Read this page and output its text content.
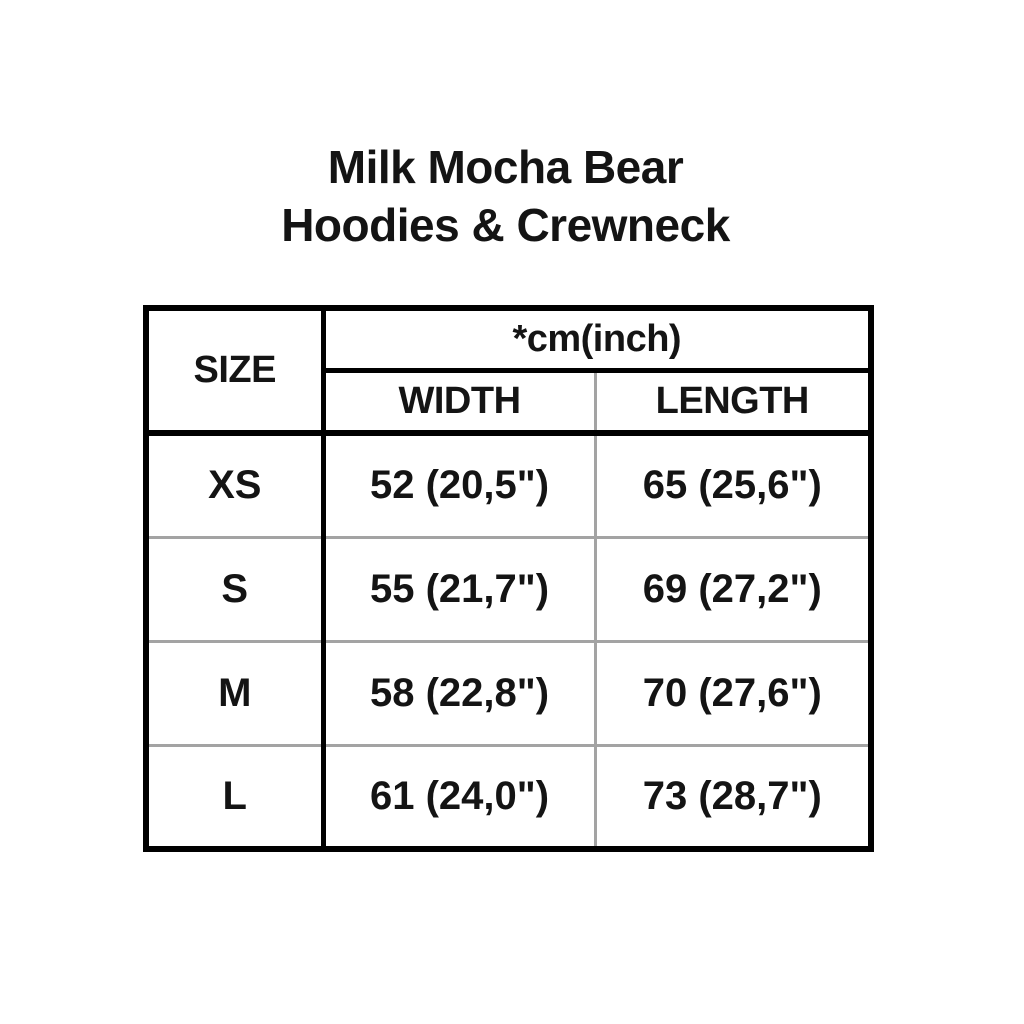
Milk Mocha Bear
Hoodies & Crewneck
SIZE	*cm(inch)	
	WIDTH	LENGTH
XS	52 (20,5")	65 (25,6")
S	55 (21,7")	69 (27,2")
M	58 (22,8")	70 (27,6")
L	61 (24,0")	73 (28,7")
